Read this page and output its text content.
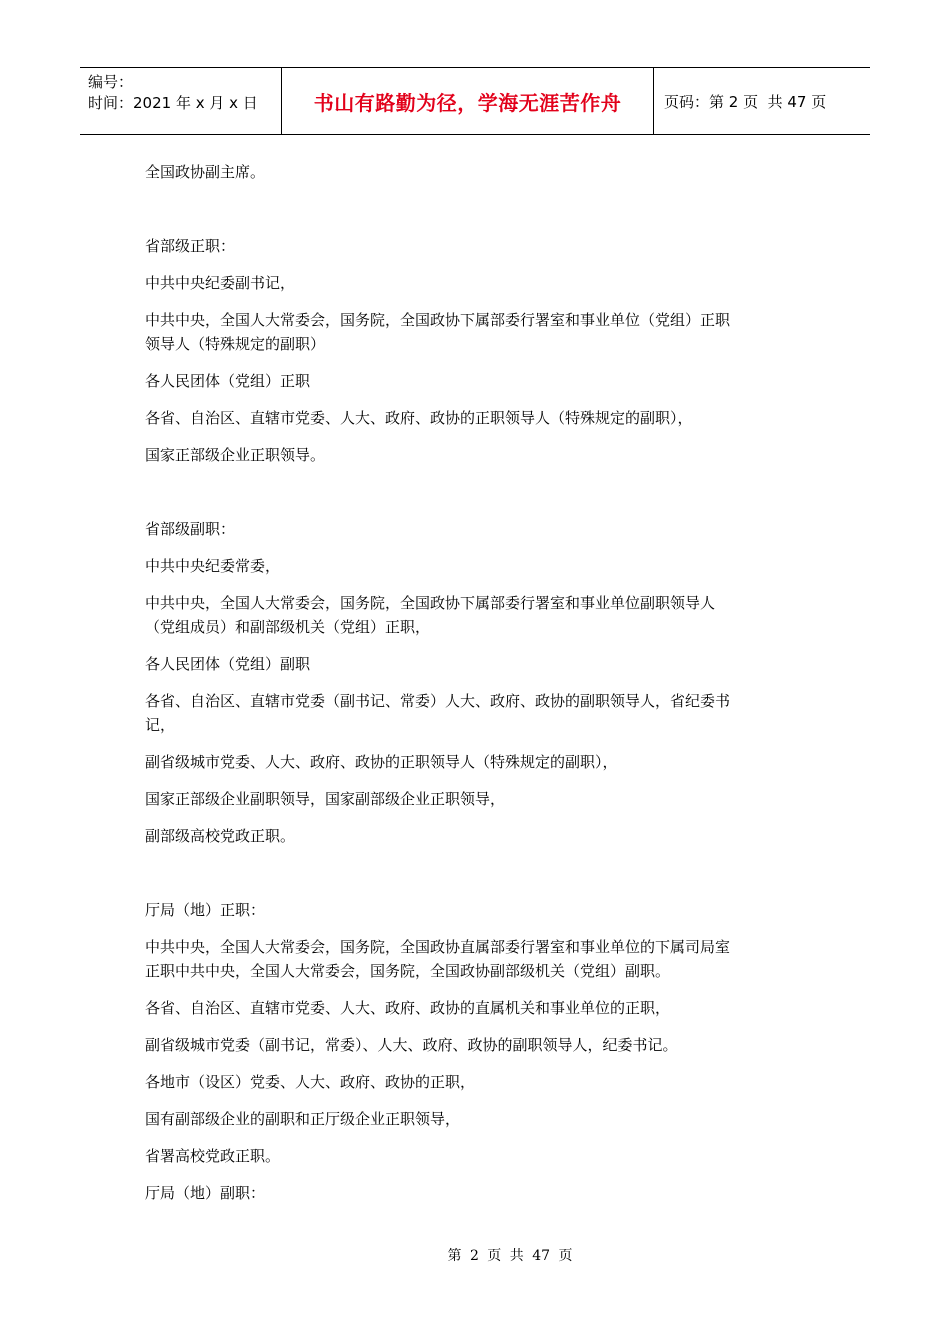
编号：
时间：2021 年 x 月 x 日	书山有路勤为径，学海无涯苦作舟	页码：第 2 页  共 47 页
全国政协副主席。
省部级正职：
中共中央纪委副书记，
中共中央，全国人大常委会，国务院，全国政协下属部委行署室和事业单位（党组）正职
领导人（特殊规定的副职）
各人民团体（党组）正职
各省、自治区、直辖市党委、人大、政府、政协的正职领导人（特殊规定的副职），
国家正部级企业正职领导。
省部级副职：
中共中央纪委常委，
中共中央，全国人大常委会，国务院，全国政协下属部委行署室和事业单位副职领导人
（党组成员）和副部级机关（党组）正职，
各人民团体（党组）副职
各省、自治区、直辖市党委（副书记、常委）人大、政府、政协的副职领导人，省纪委书
记，
副省级城市党委、人大、政府、政协的正职领导人（特殊规定的副职），
国家正部级企业副职领导，国家副部级企业正职领导，
副部级高校党政正职。
厅局（地）正职：
中共中央，全国人大常委会，国务院，全国政协直属部委行署室和事业单位的下属司局室
正职中共中央，全国人大常委会，国务院，全国政协副部级机关（党组）副职。
各省、自治区、直辖市党委、人大、政府、政协的直属机关和事业单位的正职，
副省级城市党委（副书记，常委）、人大、政府、政协的副职领导人，纪委书记。
各地市（设区）党委、人大、政府、政协的正职，
国有副部级企业的副职和正厅级企业正职领导，
省署高校党政正职。
厅局（地）副职：
第 2 页 共 47 页
